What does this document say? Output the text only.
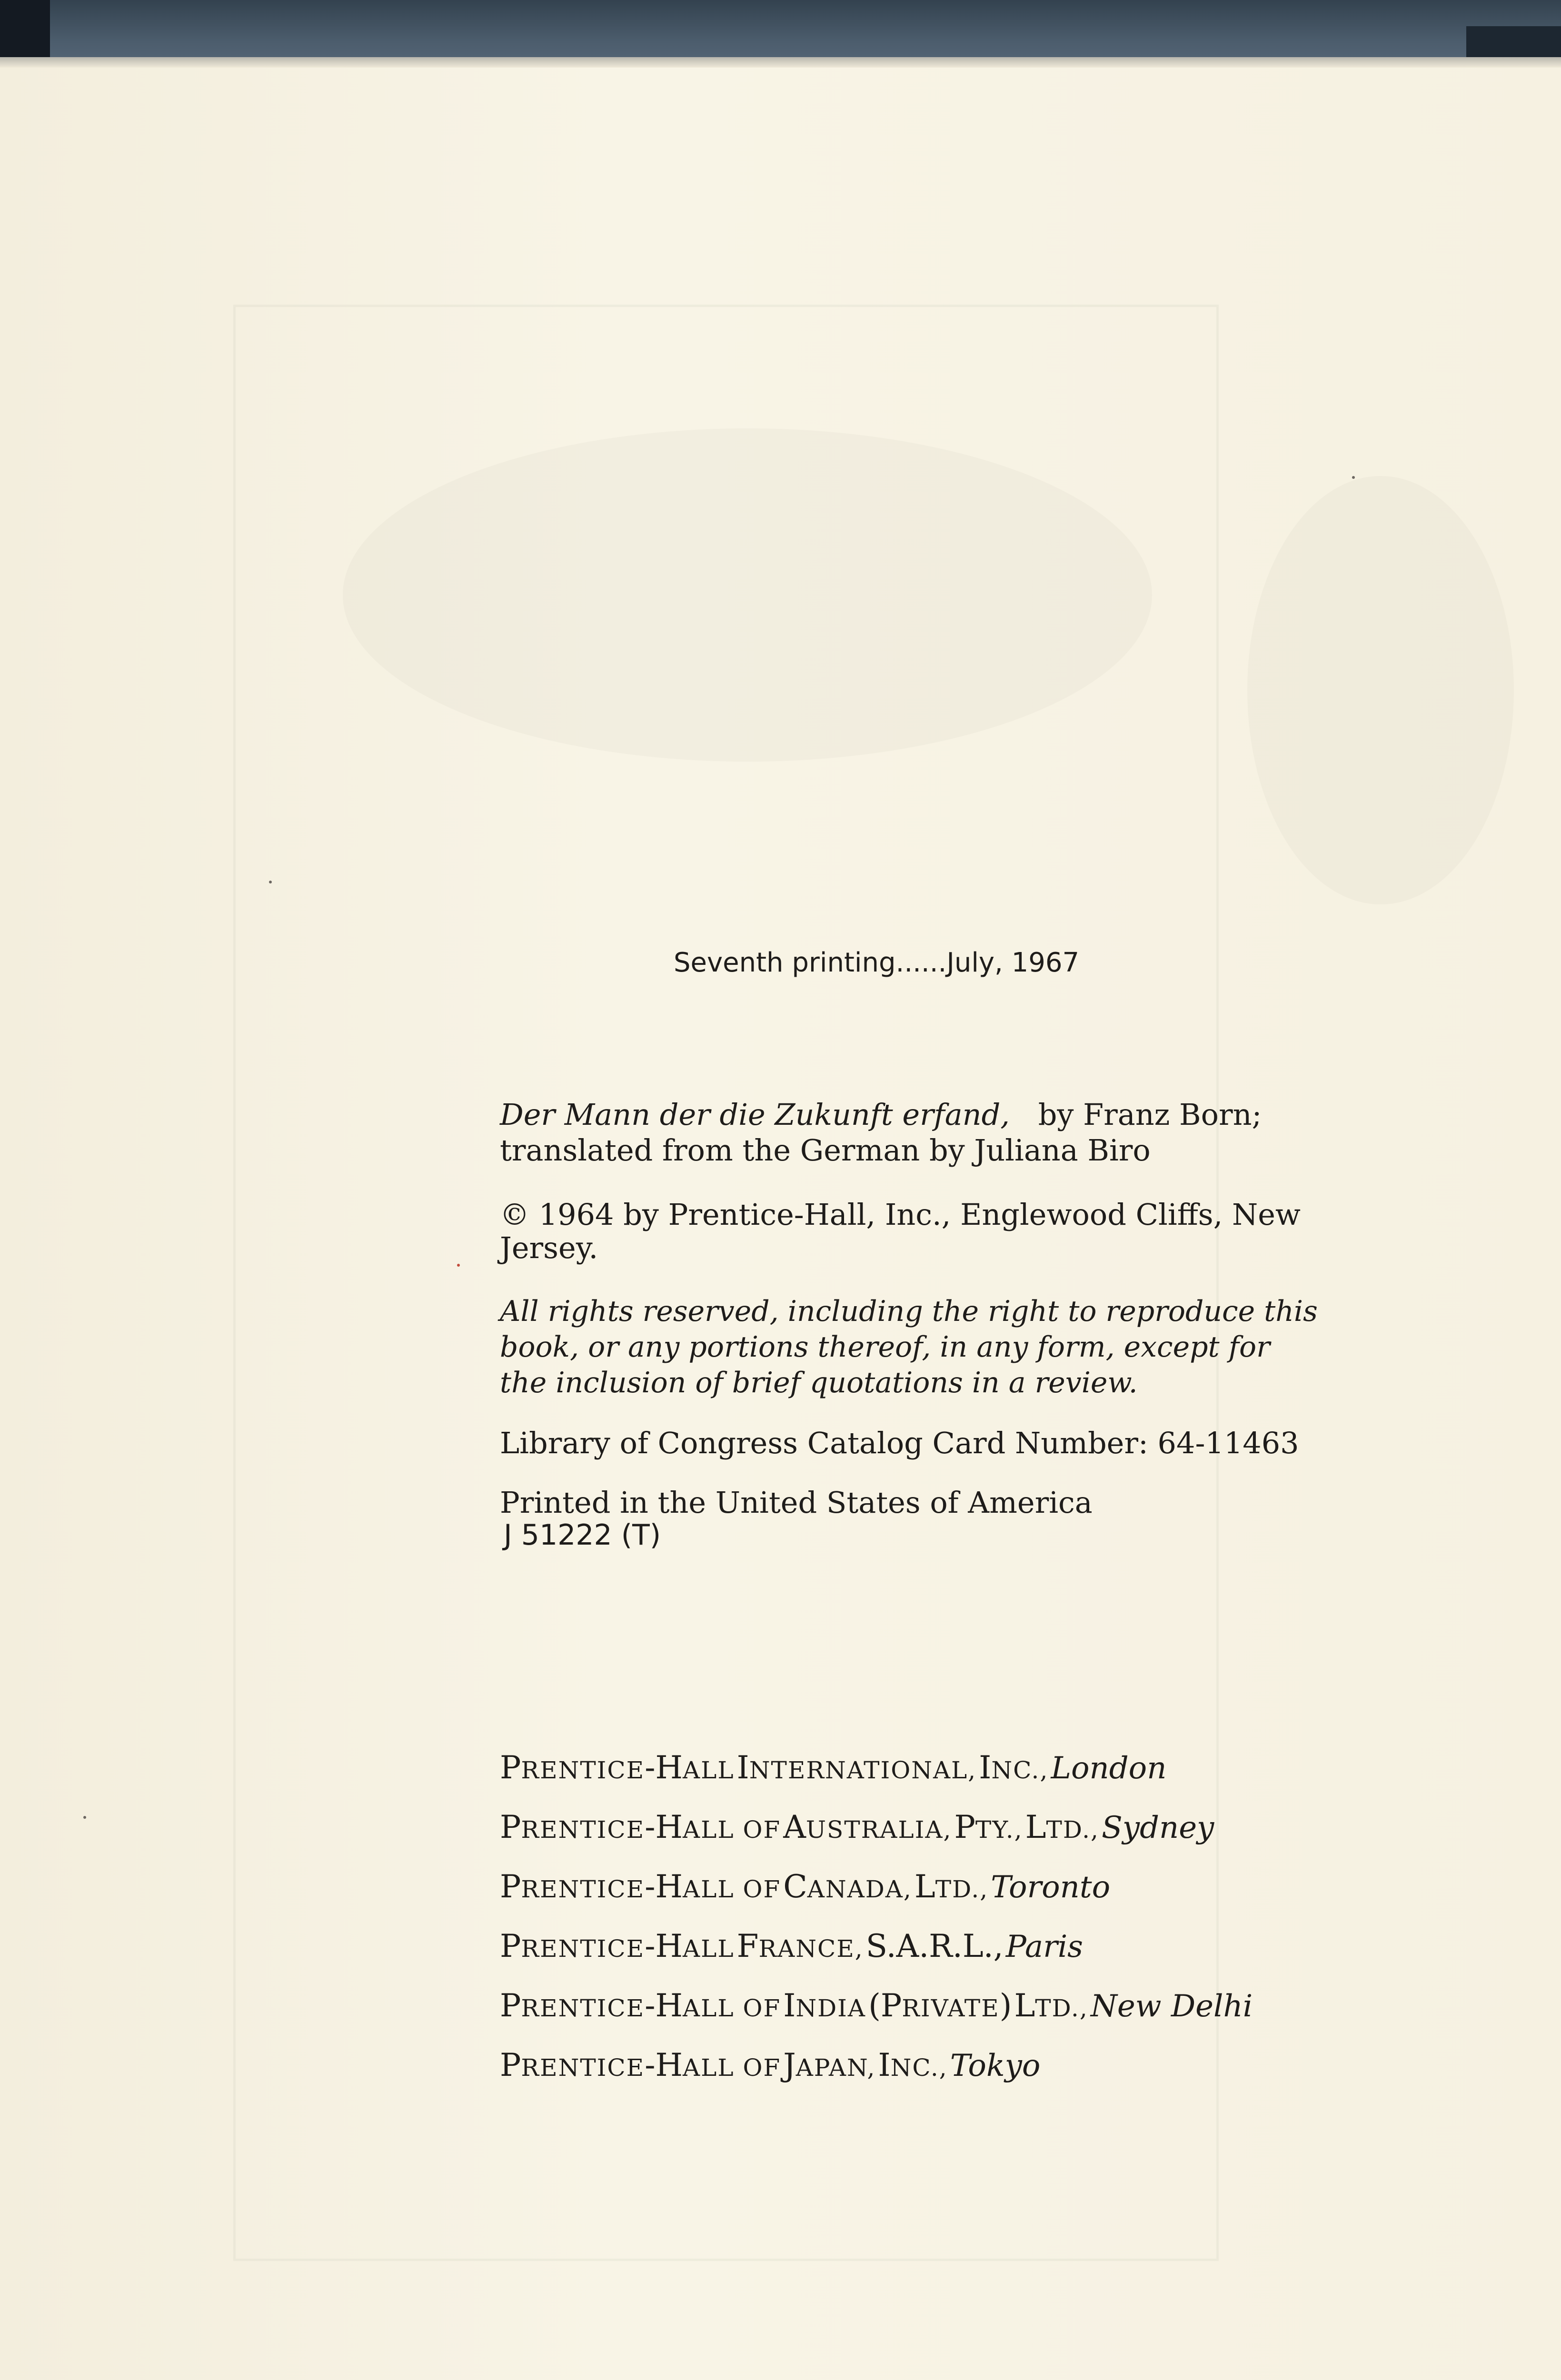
Seventh printing......July, 1967
Der Mann der die Zukunft erfand, by Franz Born;
translated from the German by Juliana Biro
© 1964 by Prentice-Hall, Inc., Englewood Cliffs, New
Jersey.
All rights reserved, including the right to reproduce this
book, or any portions thereof, in any form, except for
the inclusion of brief quotations in a review.
Library of Congress Catalog Card Number: 64-11463
Printed in the United States of America
J 51222 (T)
PRENTICE-HALL INTERNATIONAL, INC., London
PRENTICE-HALL OF AUSTRALIA, PTY., LTD., Sydney
PRENTICE-HALL OF CANADA, LTD., Toronto
PRENTICE-HALL FRANCE, S.A.R.L., Paris
PRENTICE-HALL OF INDIA (PRIVATE) LTD., New Delhi
PRENTICE-HALL OF JAPAN, INC., Tokyo
